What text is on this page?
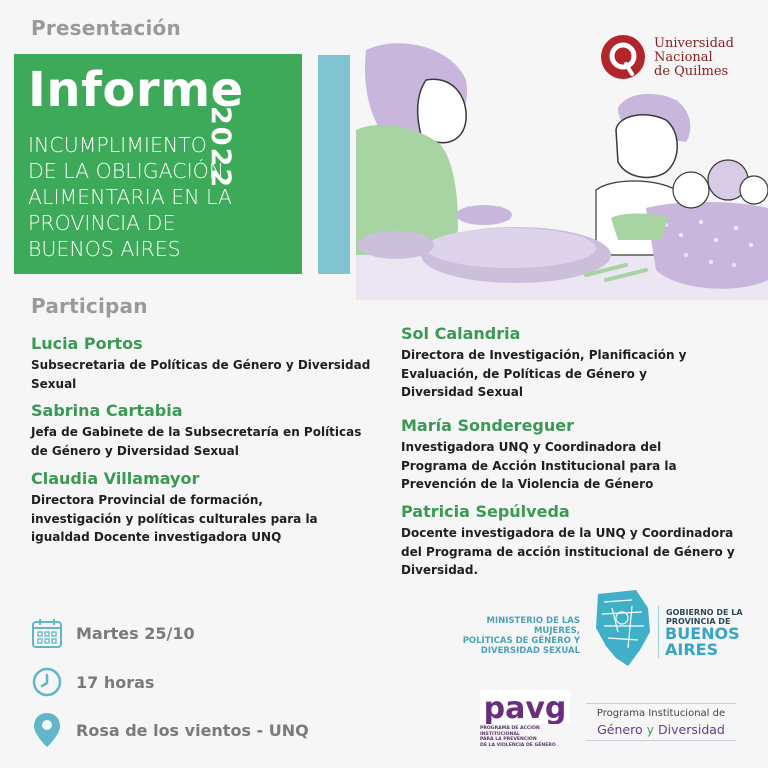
Presentación
Informe
2022
INCUMPLIMIENTO
DE LA OBLIGACIÓN
ALIMENTARIA EN LA
PROVINCIA DE
BUENOS AIRES
Universidad
Nacional
de Quilmes
Participan
Lucia Portos
Subsecretaria de Políticas de Género y Diversidad Sexual
Sabrina Cartabia
Jefa de Gabinete de la Subsecretaría en Políticas de Género y Diversidad Sexual
Claudia Villamayor
Directora Provincial de formación, investigación y políticas culturales para la igualdad Docente investigadora UNQ
Sol Calandria
Directora de Investigación, Planificación y Evaluación, de Políticas de Género y Diversidad Sexual
María Sondereguer
Investigadora UNQ y Coordinadora del Programa de Acción Institucional para la Prevención de la Violencia de Género
Patricia Sepúlveda
Docente investigadora de la UNQ y Coordinadora del Programa de acción institucional de Género y Diversidad.
Martes 25/10
17 horas
Rosa de los vientos - UNQ
MINISTERIO DE LAS MUJERES,
POLÍTICAS DE GÉNERO Y
DIVERSIDAD SEXUAL
GOBIERNO DE LA
PROVINCIA DE
BUENOS
AIRES
pavg
PROGRAMA DE ACCIÓN
INSTITUCIONAL
PARA LA PREVENCIÓN
DE LA VIOLENCIA DE GÉNERO
Programa Institucional de
Género y Diversidad
